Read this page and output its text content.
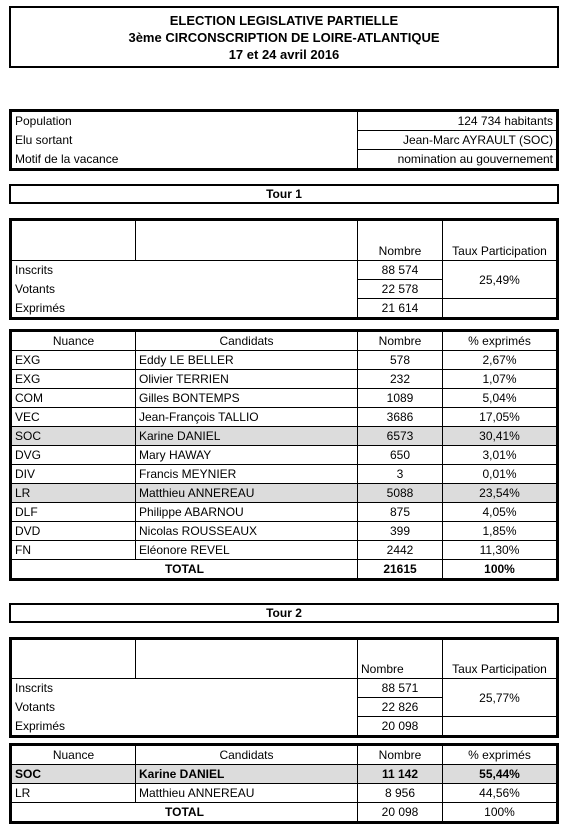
ELECTION LEGISLATIVE PARTIELLE
3ème CIRCONSCRIPTION DE LOIRE-ATLANTIQUE
17 et 24 avril 2016
Population	124 734 habitants
Elu sortant	Jean-Marc AYRAULT (SOC)
Motif de la vacance	nomination au gouvernement
Tour 1
		Nombre	Taux Participation
Inscrits		88 574	25,49%
Votants		22 578	
Exprimés		21 614	
Nuance	Candidats	Nombre	% exprimés
EXG	Eddy LE BELLER	578	2,67%
EXG	Olivier TERRIEN	232	1,07%
COM	Gilles BONTEMPS	1089	5,04%
VEC	Jean-François TALLIO	3686	17,05%
SOC	Karine DANIEL	6573	30,41%
DVG	Mary HAWAY	650	3,01%
DIV	Francis MEYNIER	3	0,01%
LR	Matthieu ANNEREAU	5088	23,54%
DLF	Philippe ABARNOU	875	4,05%
DVD	Nicolas ROUSSEAUX	399	1,85%
FN	Eléonore REVEL	2442	11,30%
TOTAL		21615	100%
Tour 2
		Nombre	Taux Participation
Inscrits		88 571	25,77%
Votants		22 826	
Exprimés		20 098	
Nuance	Candidats	Nombre	% exprimés
SOC	Karine DANIEL	11 142	55,44%
LR	Matthieu ANNEREAU	8 956	44,56%
TOTAL		20 098	100%
